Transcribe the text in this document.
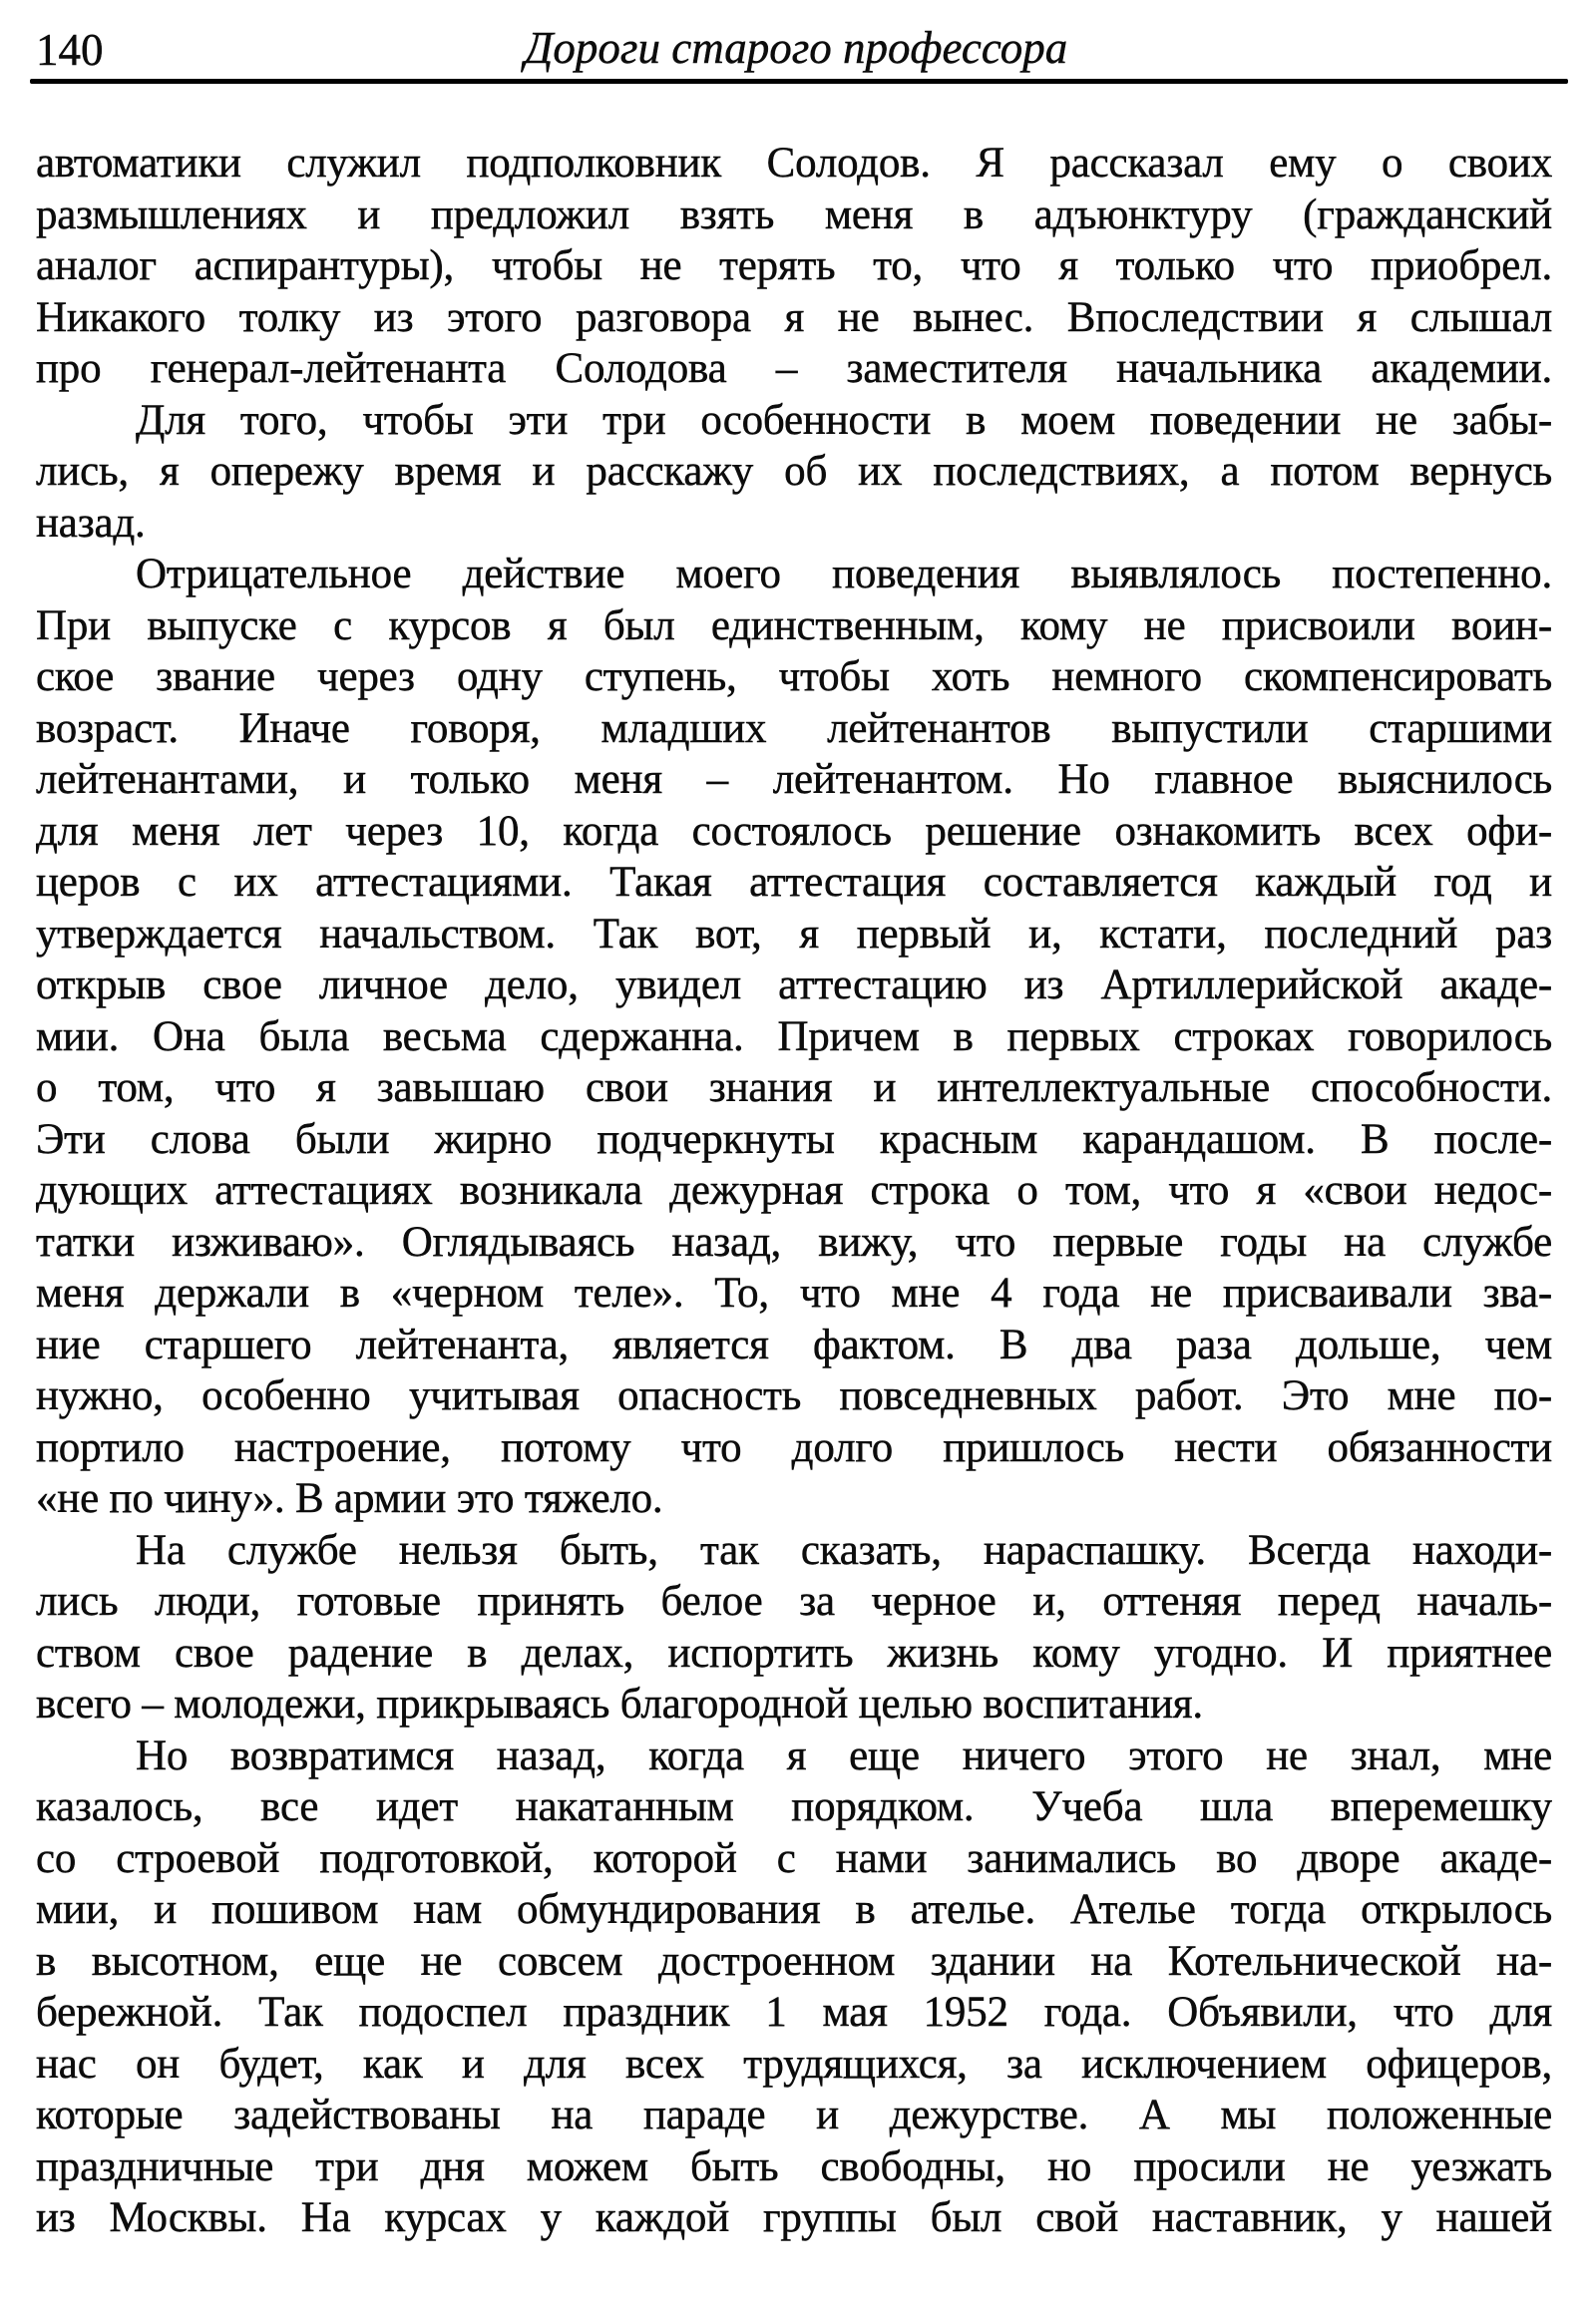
140	Дороги старого профессора
автоматики служил подполковник Солодов. Я рассказал ему о своих
размышлениях и предложил взять меня в адъюнктуру (гражданский
аналог аспирантуры), чтобы не терять то, что я только что приобрел.
Никакого толку из этого разговора я не вынес. Впоследствии я слышал
про генерал-лейтенанта Солодова – заместителя начальника академии.
Для того, чтобы эти три особенности в моем поведении не забы-
лись, я опережу время и расскажу об их последствиях, а потом вернусь
назад.
Отрицательное действие моего поведения выявлялось постепенно.
При выпуске с курсов я был единственным, кому не присвоили воин-
ское звание через одну ступень, чтобы хоть немного скомпенсировать
возраст. Иначе говоря, младших лейтенантов выпустили старшими
лейтенантами, и только меня – лейтенантом. Но главное выяснилось
для меня лет через 10, когда состоялось решение ознакомить всех офи-
церов с их аттестациями. Такая аттестация составляется каждый год и
утверждается начальством. Так вот, я первый и, кстати, последний раз
открыв свое личное дело, увидел аттестацию из Артиллерийской акаде-
мии. Она была весьма сдержанна. Причем в первых строках говорилось
о том, что я завышаю свои знания и интеллектуальные способности.
Эти слова были жирно подчеркнуты красным карандашом. В после-
дующих аттестациях возникала дежурная строка о том, что я «свои недос-
татки изживаю». Оглядываясь назад, вижу, что первые годы на службе
меня держали в «черном теле». То, что мне 4 года не присваивали зва-
ние старшего лейтенанта, является фактом. В два раза дольше, чем
нужно, особенно учитывая опасность повседневных работ. Это мне по-
портило настроение, потому что долго пришлось нести обязанности
«не по чину». В армии это тяжело.
На службе нельзя быть, так сказать, нараспашку. Всегда находи-
лись люди, готовые принять белое за черное и, оттеняя перед началь-
ством свое радение в делах, испортить жизнь кому угодно. И приятнее
всего – молодежи, прикрываясь благородной целью воспитания.
Но возвратимся назад, когда я еще ничего этого не знал, мне
казалось, все идет накатанным порядком. Учеба шла вперемешку
со строевой подготовкой, которой с нами занимались во дворе акаде-
мии, и пошивом нам обмундирования в ателье. Ателье тогда открылось
в высотном, еще не совсем достроенном здании на Котельнической на-
бережной. Так подоспел праздник 1 мая 1952 года. Объявили, что для
нас он будет, как и для всех трудящихся, за исключением офицеров,
которые задействованы на параде и дежурстве. А мы положенные
праздничные три дня можем быть свободны, но просили не уезжать
из Москвы. На курсах у каждой группы был свой наставник, у нашей
